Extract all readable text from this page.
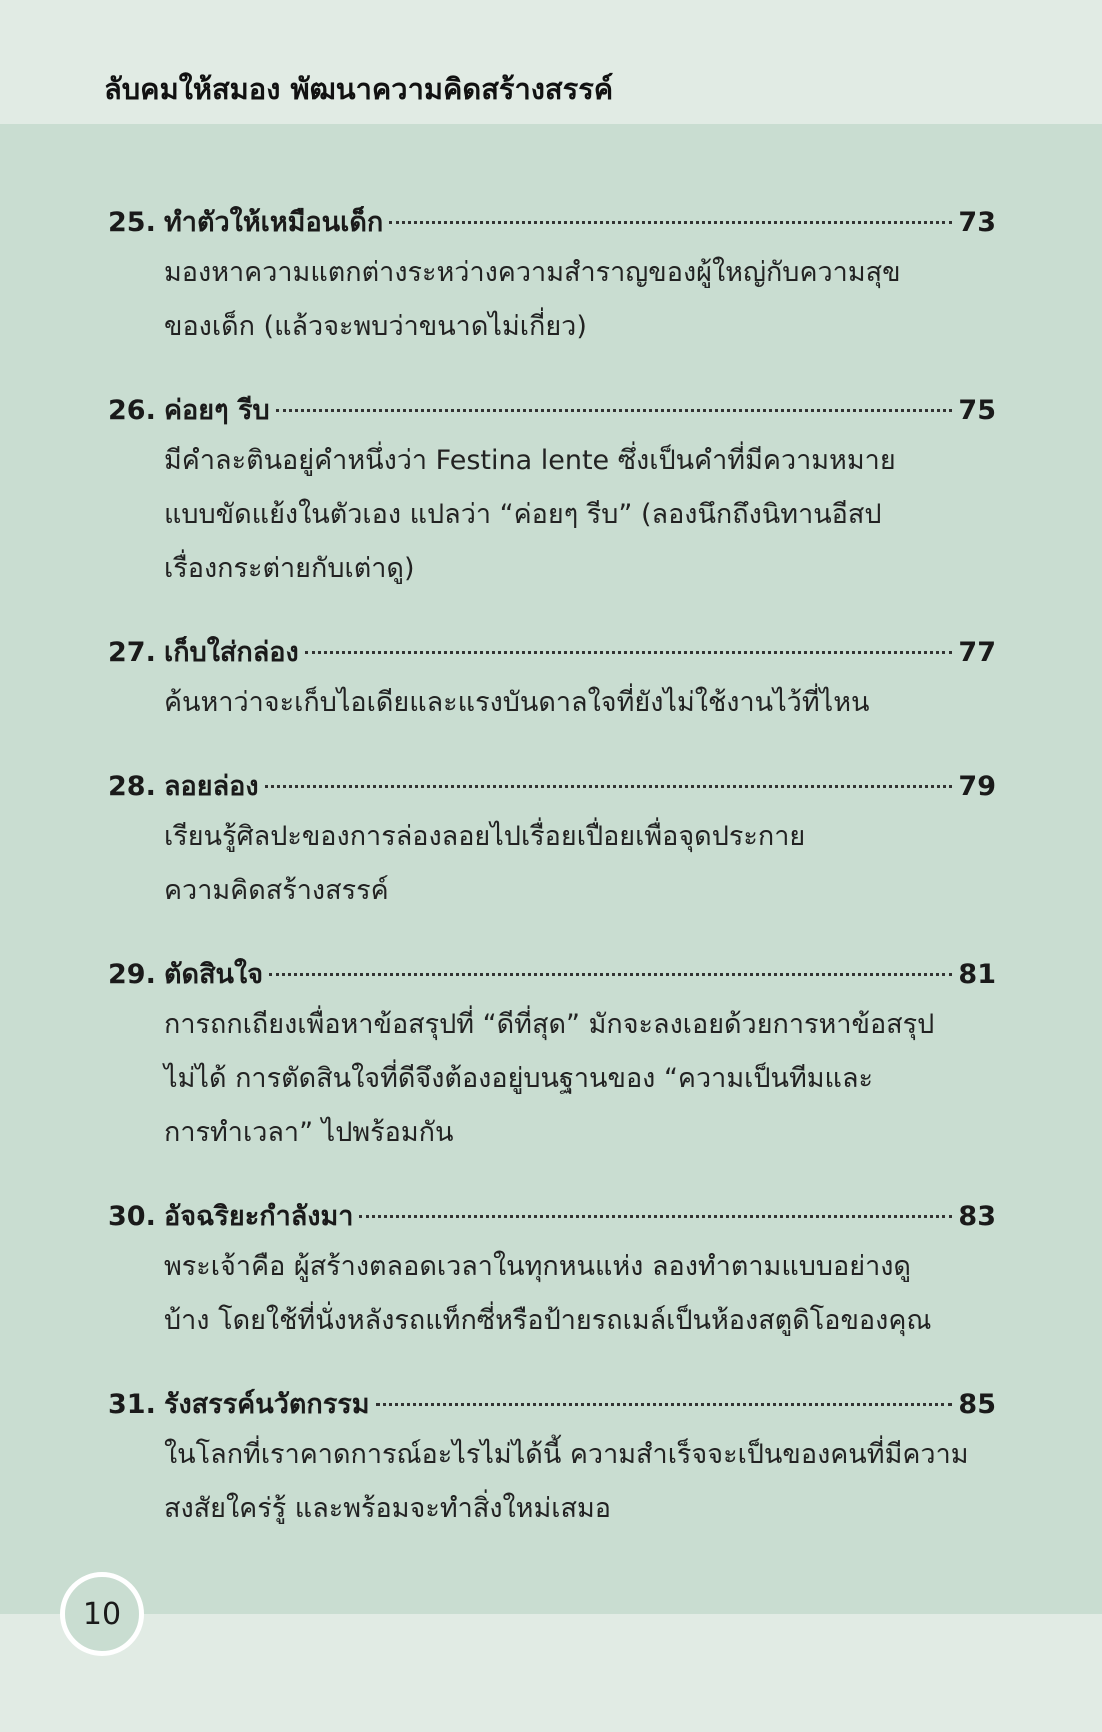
ลับคมให้สมอง พัฒนาความคิดสร้างสรรค์
25. ทำตัวให้เหมือนเด็ก	73
มองหาความแตกต่างระหว่างความสำราญของผู้ใหญ่กับความสุข
ของเด็ก (แล้วจะพบว่าขนาดไม่เกี่ยว)
26. ค่อยๆ รีบ	75
มีคำละตินอยู่คำหนึ่งว่า Festina lente ซึ่งเป็นคำที่มีความหมาย
แบบขัดแย้งในตัวเอง แปลว่า “ค่อยๆ รีบ” (ลองนึกถึงนิทานอีสป
เรื่องกระต่ายกับเต่าดู)
27. เก็บใส่กล่อง	77
ค้นหาว่าจะเก็บไอเดียและแรงบันดาลใจที่ยังไม่ใช้งานไว้ที่ไหน
28. ลอยล่อง	79
เรียนรู้ศิลปะของการล่องลอยไปเรื่อยเปื่อยเพื่อจุดประกาย
ความคิดสร้างสรรค์
29. ตัดสินใจ	81
การถกเถียงเพื่อหาข้อสรุปที่ “ดีที่สุด” มักจะลงเอยด้วยการหาข้อสรุป
ไม่ได้ การตัดสินใจที่ดีจึงต้องอยู่บนฐานของ “ความเป็นทีมและ
การทำเวลา” ไปพร้อมกัน
30. อัจฉริยะกำลังมา	83
พระเจ้าคือ ผู้สร้างตลอดเวลาในทุกหนแห่ง ลองทำตามแบบอย่างดู
บ้าง โดยใช้ที่นั่งหลังรถแท็กซี่หรือป้ายรถเมล์เป็นห้องสตูดิโอของคุณ
31. รังสรรค์นวัตกรรม	85
ในโลกที่เราคาดการณ์อะไรไม่ได้นี้ ความสำเร็จจะเป็นของคนที่มีความ
สงสัยใคร่รู้ และพร้อมจะทำสิ่งใหม่เสมอ
10
